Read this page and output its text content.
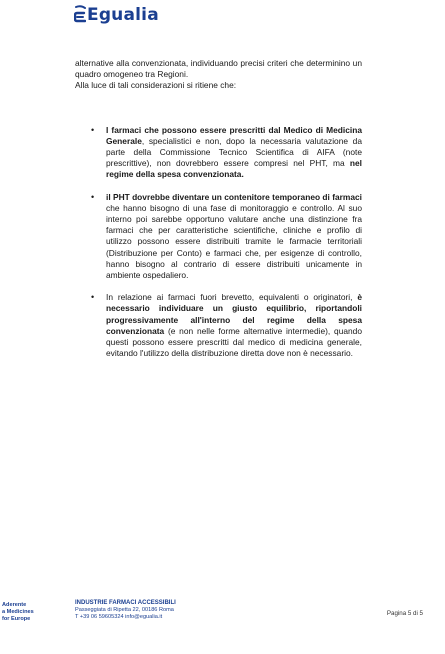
Egualia

alternative alla convenzionata, individuando precisi criteri che determinino un quadro omogeneo tra Regioni.

Alla luce di tali considerazioni si ritiene che:

• I farmaci che possono essere prescritti dal Medico di Medicina Generale, specialistici e non, dopo la necessaria valutazione da parte della Commissione Tecnico Scientifica di AIFA (note prescrittive), non dovrebbero essere compresi nel PHT, ma nel regime della spesa convenzionata.
• il PHT dovrebbe diventare un contenitore temporaneo di farmaci che hanno bisogno di una fase di monitoraggio e controllo. Al suo interno poi sarebbe opportuno valutare anche una distinzione fra farmaci che per caratteristiche scientifiche, cliniche e profilo di utilizzo possono essere distribuiti tramite le farmacie territoriali (Distribuzione per Conto) e farmaci che, per esigenze di controllo, hanno bisogno al contrario di essere distribuiti unicamente in ambiente ospedaliero.
• In relazione ai farmaci fuori brevetto, equivalenti o originatori, è necessario individuare un giusto equilibrio, riportandoli progressivamente all'interno del regime della spesa convenzionata (e non nelle forme alternative intermedie), quando questi possono essere prescritti dal medico di medicina generale, evitando l'utilizzo della distribuzione diretta dove non è necessario.
Aderente
a Medicines
for Europe
INDUSTRIE FARMACI ACCESSIBILI
Passeggiata di Ripetta 22, 00186 Roma
T +39 06 59605324 info@egualia.it	Pagina 5 di 5
